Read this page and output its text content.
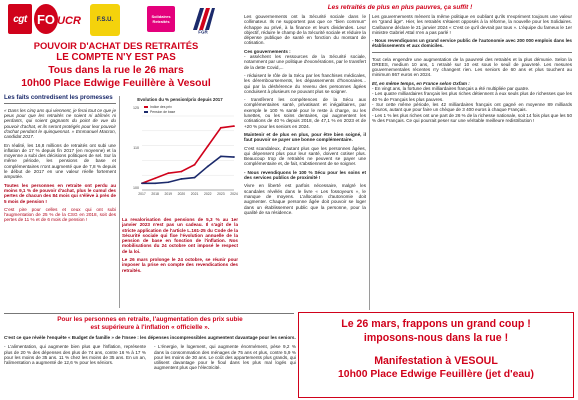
cgt FO UCR	F.S.U.
Solidaires Retraités
FGR
POUVOIR D'ACHAT DES RETRAITÉS
LE COMPTE N'Y EST PAS
Tous dans la rue le 26 mars
10h00 Place Edwige Feuillère à Vesoul
Les faits contredisent les promesses
« Dans les cinq ans qui viennent, je ferai tout ce que je peux pour que les retraités ne soient ni abîmés ni perdants, qui soient gagnants du point de vue du pouvoir d'achat, et ils seront protégés pour leur pouvoir d'achat pendant le quinquennat. » Emmanuel Macron, candidat 2017.
En réalité, les 16,8 millions de retraités ont subi une inflation de 17 % depuis fin 2017 (en moyenne) et la moyenne a subi des décisions politiques de sel. Sur la même période, les pensions de base et complémentaires n'ont augmenté que de 7,8 % depuis le début de 2017 en une valeur réelle fortement amputée.
Toutes les personnes en retraite ont perdu au moins 9,1 % de pouvoir d'achat, plus le cumul des pertes de chacun des 84 mois qui s'élève à près de 5 mois de pension !
C'est pire pour celles et ceux qui ont subi l'augmentation de 25 % de la CSG en 2018, soit des pertes de 11 % et de 6 mois de pension !
Evolution du % pension/prix depuis 2017
125
110
100
Indice des prix
Pension de base
2017 2018 2019 2020 2021 2022 2023 2024
La revalorisation des pensions de 5,3 % au 1er janvier 2023 n'est pas un cadeau. Il s'agit de la stricte application de l'article L.161-25 du Code de la Sécurité sociale qui fixe l'évolution annuelle de la pension de base en fonction de l'inflation. Nos mobilisations du 24 octobre ont imposé le respect de la loi.
Le 26 mars prolonge le 24 octobre, se réunir pour imposer la prise en compte des revendications des retraités.
Les retraités de plus en plus pauvres, ça suffit !
Les gouvernements ont la Sécurité sociale dans le collimateur. Ils ne supportent pas que ce "bien commun" échappe au privé, à la finance et leurs dividendes. Leur objectif, réduire le champ de la Sécurité sociale et réduire la dépense publique de santé en fonction du montant de cotisation.
Ces gouvernements :
- asséchent les ressources de la Sécurité sociale, notamment par une politique d'exonérations, par le transfert de la dette Covid,...
- réduisent le rôle de la Sécu par les franchises médicales, les déremboursements, les dépassements d'honoraires... qui par la déshérence du revenu des personnes âgées conduisent à plusieurs ne pouvant plus se soigner.
- transfèrent les compétences de la Sécu aux complémentaires santé, privatisant et inégalitaires, par exemple le 100 % santé pour le reste à charge, ou les lunettes, ou les soins dentaires, qui augmentent les cotisations de 40 % depuis 2018, de 47,1 % en 2023 et de +20 % pour les seniors en 2024.
Maintenir et de plus en plus, pour être bien soigné, il faut pouvoir se payer une bonne complémentaire.
C'est scandaleux, d'autant plus que les personnes âgées, qui dépensent plus pour leur santé, doivent cotiser plus. Beaucoup trop de retraités ne peuvent se payer une complémentaire et, de fait, s'abstiennent de se soigner.
- Nous revendiquons le 100 % Sécu pour les soins et des services publics de proximité !
Vivre en liberté est parfois nécessaire, malgré les scandales révélés dans le livre « Les fossoyeurs », le manque de moyens. L'allocation d'autonomie doit augmenter. Chaque personne âgée doit pouvoir se loger dans un établissement public que la personne, pour la qualité de sa résidence.
Les gouvernements mènent la même politique en oubliant qu'ils n'expriment toujours une valeur en "grand âge". Hier, les retraités s'étaient opposés à la réforme, la nouvelle pour les Solidaires. Caribanne déclare le 21 janvier 2024 « C'est ce qu'il devrait par tous ». L'équipe du fameux le 1er ministre Gabriel Attal n'en a pas parlé !
- Nous revendiquons un grand service public de l'autonomie avec 200 000 emplois dans les établissements et aux domiciles.
Tout cela engendre une augmentation de la pauvreté des retraités et la plus démunie. Selon la DREES, medium 10 ans, 1 retraité sur 10 est sous le seuil de pauvreté. Les mesures gouvernementales récentes n'y changent rien. Les seniors de 60 ans et plus touchent au minimum 867 euros en 2024.
Et, en même temps, en France selon Oxfam :
- En vingt ans, la fortune des milliardaires français a été multipliée par quatre.
- Les quatre milliardaires français les plus riches détiennent à eux seuls plus de richesses que les 40 % de Français les plus pauvres.
- Sur cette même période, les 42 milliardaires français ont gagné en moyenne 89 milliards d'euros, autant que pour faire un chèque de 3 400 euros à chaque Français.
- Les 1 % les plus riches ont une part de 26 % de la richesse nationale, soit 14 fois plus que les 50 % des Français. Ce qui pourrait peser sur une véritable meilleure redistribution !
Pour les personnes en retraite, l'augmentation des prix subie
est supérieure à l'inflation « officielle ».
C'est ce que révèle l'enquête « Budget de famille » de l'Insee : les dépenses incompressibles augmentent davantage pour les seniors.
- L'alimentation, qui augmente bien plus que l'inflation, représente plus de 20 % des dépenses des plus de 74 ans, contre 16 % à 17 % pour les moins de 35 ans. 11 % chez les moins de 35 ans. En un an, l'alimentation a augmenté de 12,6 % pour les séniors.
- L'énergie, le logement, qui augmente énormément, pèse 9,2 % dans la consommation des ménages de 75 ans et plus, contre 5,9 % pour les moins de 30 ans. Le coût des appartements plus grands, qui utilisent davantage pour le fioul dans les plus mal logés qui augmentent plus que l'électricité.
Le 26 mars, frappons un grand coup !
imposons-nous dans la rue !
Manifestation à VESOUL
10h00 Place Edwige Feuillère (jet d'eau)
